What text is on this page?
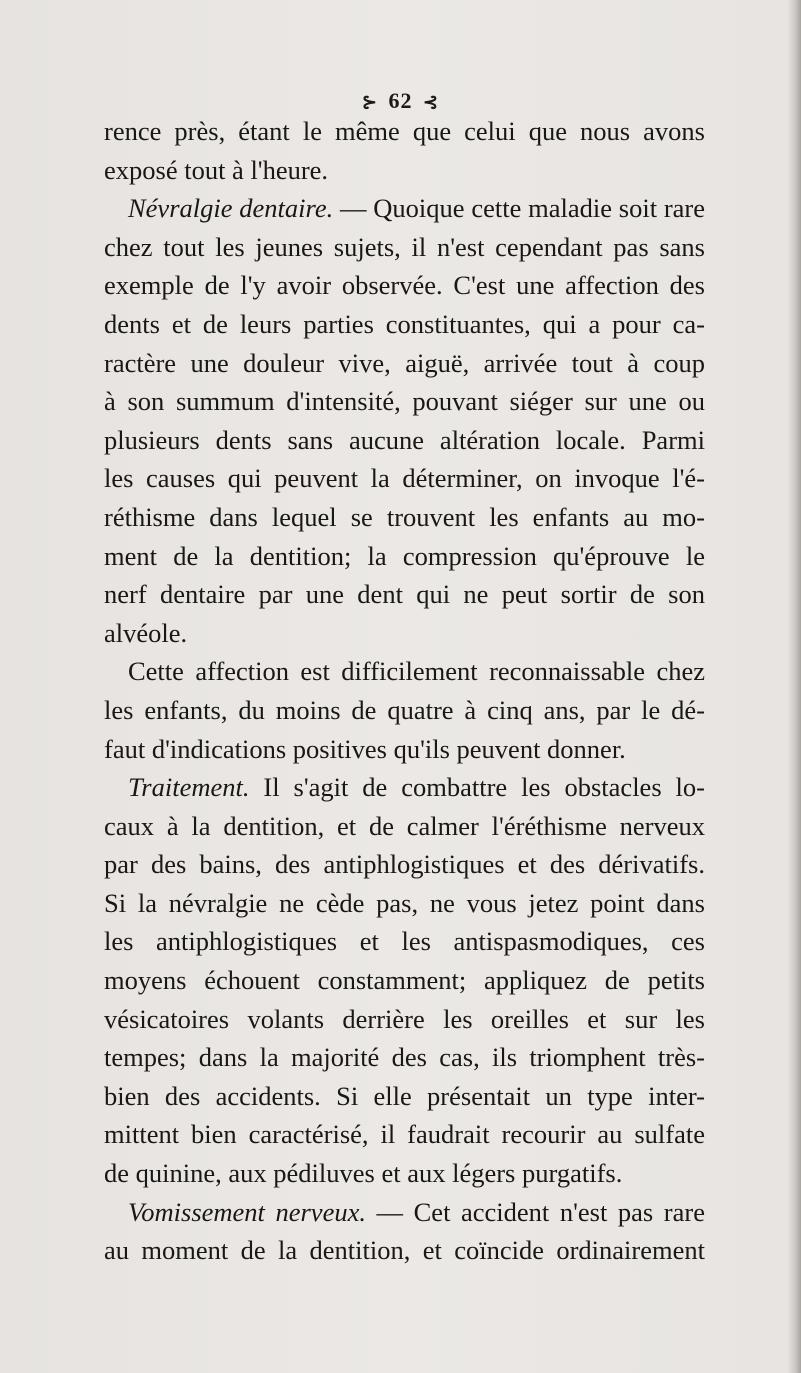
⊱ 62 ⊰
rence près, étant le même que celui que nous avons
exposé tout à l'heure.
Névralgie dentaire. — Quoique cette maladie soit rare
chez tout les jeunes sujets, il n'est cependant pas sans
exemple de l'y avoir observée. C'est une affection des
dents et de leurs parties constituantes, qui a pour ca-
ractère une douleur vive, aiguë, arrivée tout à coup
à son summum d'intensité, pouvant siéger sur une ou
plusieurs dents sans aucune altération locale. Parmi
les causes qui peuvent la déterminer, on invoque l'é-
réthisme dans lequel se trouvent les enfants au mo-
ment de la dentition; la compression qu'éprouve le
nerf dentaire par une dent qui ne peut sortir de son
alvéole.
Cette affection est difficilement reconnaissable chez
les enfants, du moins de quatre à cinq ans, par le dé-
faut d'indications positives qu'ils peuvent donner.
Traitement. Il s'agit de combattre les obstacles lo-
caux à la dentition, et de calmer l'éréthisme nerveux
par des bains, des antiphlogistiques et des dérivatifs.
Si la névralgie ne cède pas, ne vous jetez point dans
les antiphlogistiques et les antispasmodiques, ces
moyens échouent constamment; appliquez de petits
vésicatoires volants derrière les oreilles et sur les
tempes; dans la majorité des cas, ils triomphent très-
bien des accidents. Si elle présentait un type inter-
mittent bien caractérisé, il faudrait recourir au sulfate
de quinine, aux pédiluves et aux légers purgatifs.
Vomissement nerveux. — Cet accident n'est pas rare
au moment de la dentition, et coïncide ordinairement
